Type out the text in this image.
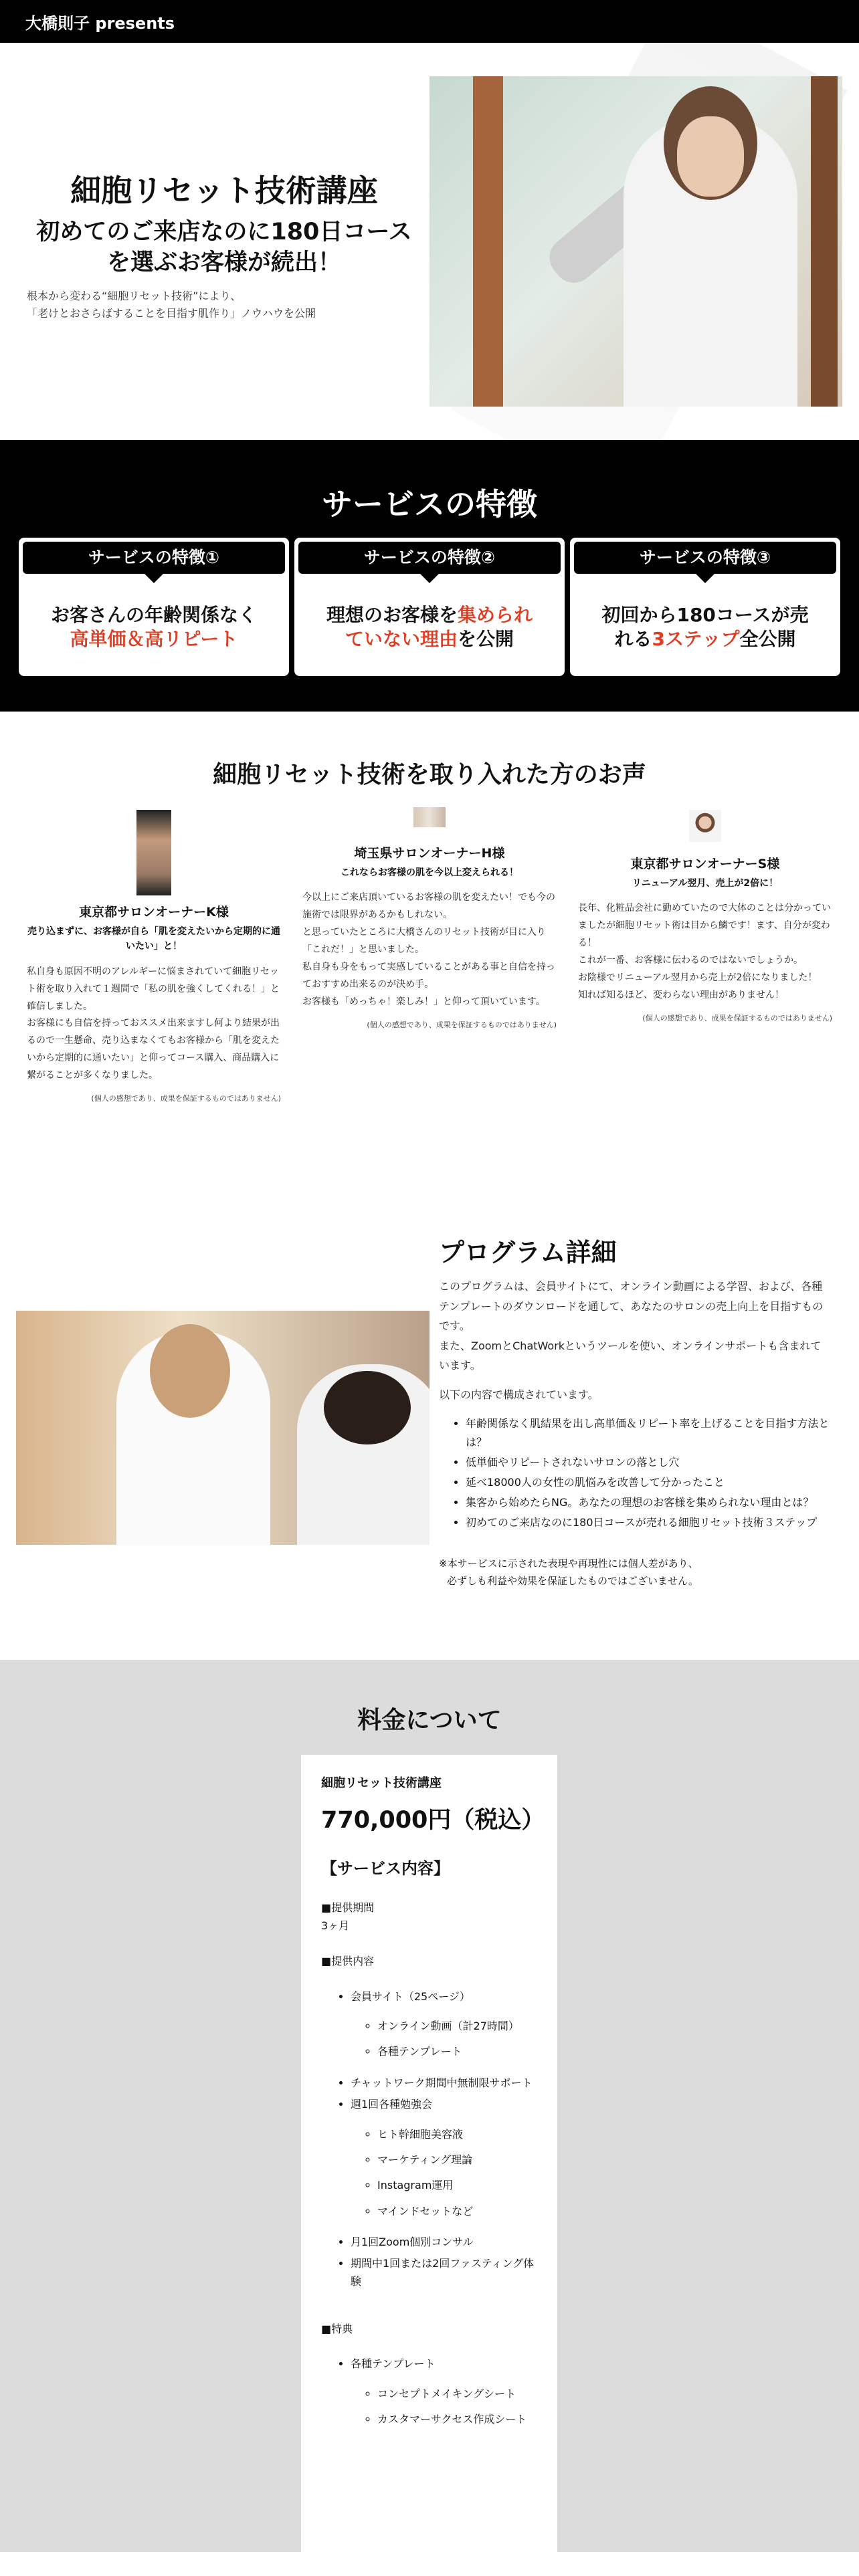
大橋則子 presents
細胞リセット技術講座
初めてのご来店なのに180日コース
を選ぶお客様が続出！
根本から変わる“細胞リセット技術”により、
「老けとおさらばすることを目指す肌作り」ノウハウを公開
サービスの特徴
サービスの特徴①
お客さんの年齢関係なく
高単価＆高リピート
サービスの特徴②
理想のお客様を集められていない理由を公開
サービスの特徴③
初回から180コースが売れる3ステップ全公開
細胞リセット技術を取り入れた方のお声
東京都サロンオーナーK様
売り込まずに、お客様が自ら「肌を変えたいから定期的に通いたい」と！
私自身も原因不明のアレルギーに悩まされていて細胞リセット術を取り入れて１週間で「私の肌を強くしてくれる！」と確信しました。
お客様にも自信を持っておススメ出来ますし何より結果が出るので一生懸命、売り込まなくてもお客様から「肌を変えたいから定期的に通いたい」と仰ってコース購入、商品購入に繋がることが多くなりました。
(個人の感想であり、成果を保証するものではありません)
埼玉県サロンオーナーH様
これならお客様の肌を今以上変えられる！
今以上にご来店頂いているお客様の肌を変えたい！でも今の施術では限界があるかもしれない。
と思っていたところに大橋さんのリセット技術が目に入り「これだ！」と思いました。
私自身も身をもって実感していることがある事と自信を持っておすすめ出来るのが決め手。
お客様も「めっちゃ！楽しみ！」と仰って頂いています。
(個人の感想であり、成果を保証するものではありません)
東京都サロンオーナーS様
リニューアル翌月、売上が2倍に！
長年、化粧品会社に勤めていたので大体のことは分かっていましたが細胞リセット術は目から鱗です！ます、自分が変わる！
これが一番、お客様に伝わるのではないでしょうか。
お陰様でリニューアル翌月から売上が2倍になりました！
知れば知るほど、変わらない理由がありません！
(個人の感想であり、成果を保証するものではありません)
プログラム詳細

このプログラムは、会員サイトにて、オンライン動画による学習、および、各種テンプレートのダウンロードを通して、あなたのサロンの売上向上を目指すものです。
また、ZoomとChatWorkというツールを使い、オンラインサポートも含まれています。

以下の内容で構成されています。

• 年齢関係なく肌結果を出し高単価＆リピート率を上げることを目指す方法とは？
• 低単価やリピートされないサロンの落とし穴
• 延べ18000人の女性の肌悩みを改善して分かったこと
• 集客から始めたらNG。あなたの理想のお客様を集められない理由とは？
• 初めてのご来店なのに180日コースが売れる細胞リセット技術３ステップ
※本サービスに示された表現や再現性には個人差があり、
必ずしも利益や効果を保証したものではございません。
料金について
細胞リセット技術講座
770,000円（税込）
【サービス内容】
■提供期間
3ヶ月
■提供内容
• 会員サイト（25ページ）
◦ オンライン動画（計27時間）
◦ 各種テンプレート
• チャットワーク期間中無制限サポート
• 週1回各種勉強会
◦ ヒト幹細胞美容液
◦ マーケティング理論
◦ Instagram運用
◦ マインドセットなど
• 月1回Zoom個別コンサル
• 期間中1回または2回ファスティング体験
■特典
• 各種テンプレート
◦ コンセプトメイキングシート
◦ カスタマーサクセス作成シート
